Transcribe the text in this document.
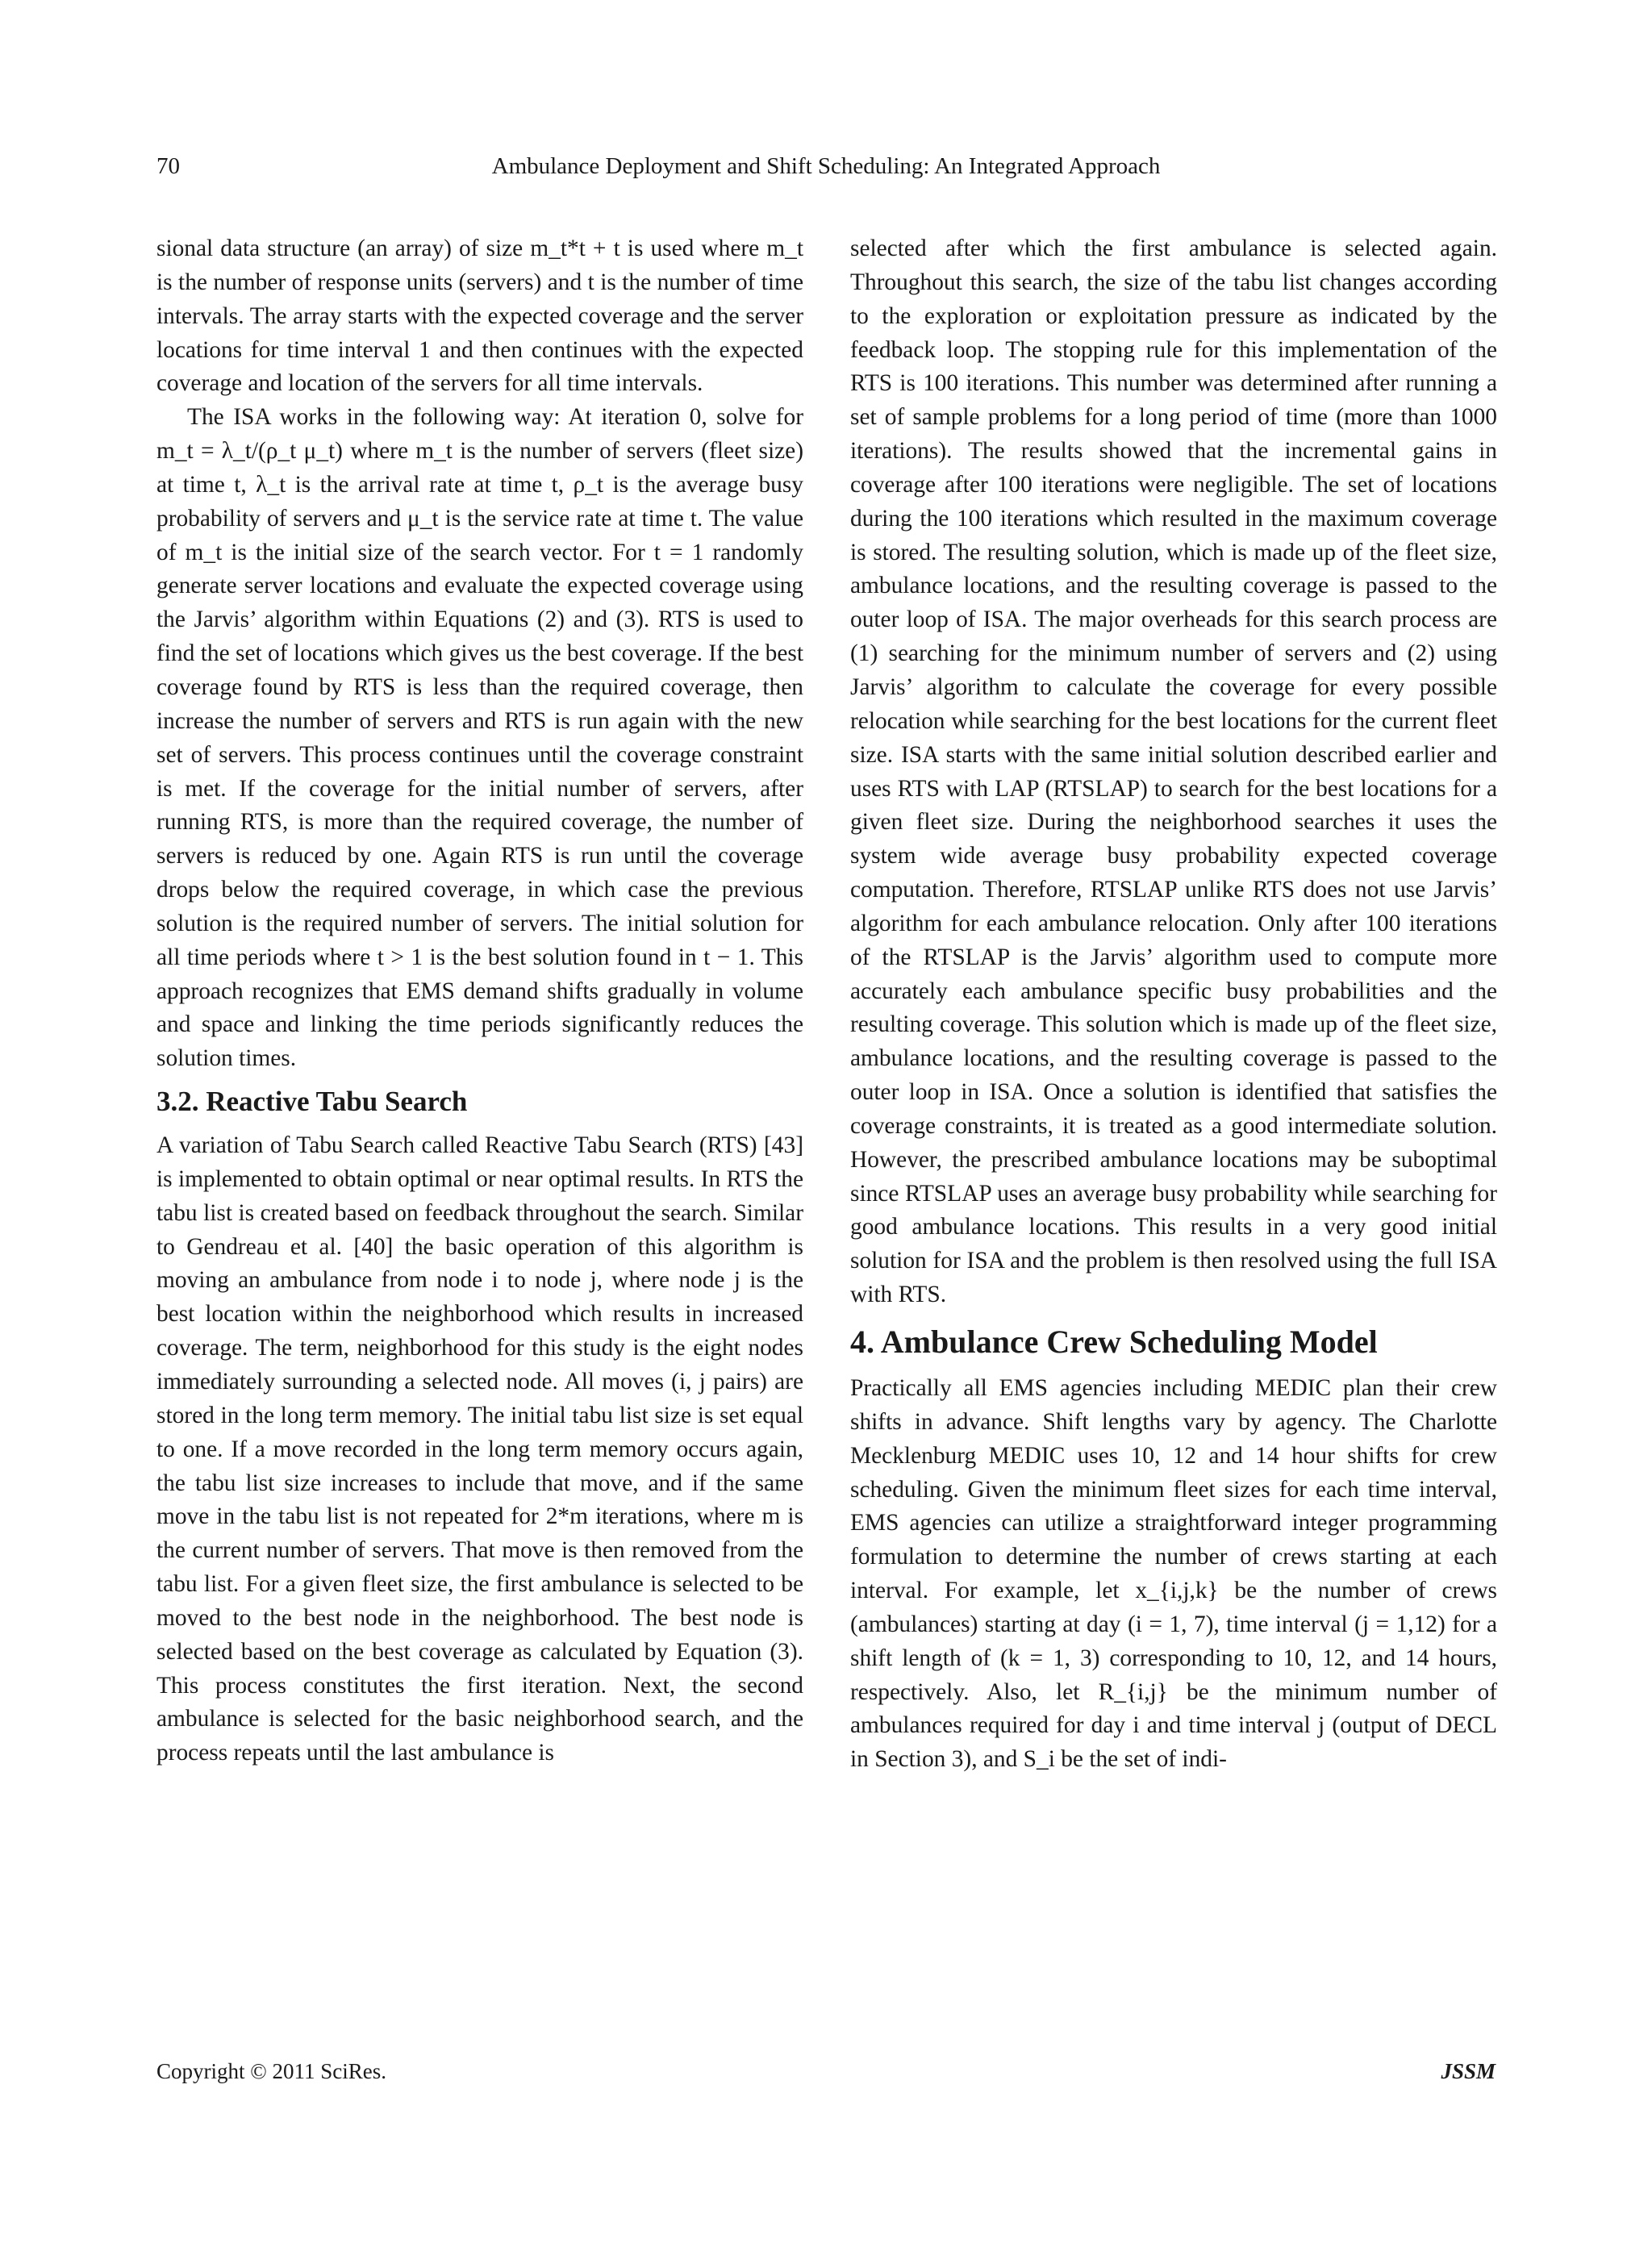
70	Ambulance Deployment and Shift Scheduling: An Integrated Approach

sional data structure (an array) of size m_t*t + t is used where m_t is the number of response units (servers) and t is the number of time intervals. The array starts with the expected coverage and the server locations for time interval 1 and then continues with the expected coverage and location of the servers for all time intervals.

The ISA works in the following way: At iteration 0, solve for m_t = λ_t/(ρ_t μ_t) where m_t is the number of servers (fleet size) at time t, λ_t is the arrival rate at time t, ρ_t is the average busy probability of servers and μ_t is the service rate at time t. The value of m_t is the initial size of the search vector. For t = 1 randomly generate server locations and evaluate the expected coverage using the Jarvis’ algorithm within Equations (2) and (3). RTS is used to find the set of locations which gives us the best coverage. If the best coverage found by RTS is less than the required coverage, then increase the number of servers and RTS is run again with the new set of servers. This process continues until the coverage constraint is met. If the coverage for the initial number of servers, after running RTS, is more than the required coverage, the number of servers is reduced by one. Again RTS is run until the coverage drops below the required coverage, in which case the previous solution is the required number of servers. The initial solution for all time periods where t > 1 is the best solution found in t − 1. This approach recognizes that EMS demand shifts gradually in volume and space and linking the time periods significantly reduces the solution times.

3.2. Reactive Tabu Search

A variation of Tabu Search called Reactive Tabu Search (RTS) [43] is implemented to obtain optimal or near optimal results. In RTS the tabu list is created based on feedback throughout the search. Similar to Gendreau et al. [40] the basic operation of this algorithm is moving an ambulance from node i to node j, where node j is the best location within the neighborhood which results in increased coverage. The term, neighborhood for this study is the eight nodes immediately surrounding a selected node. All moves (i, j pairs) are stored in the long term memory. The initial tabu list size is set equal to one. If a move recorded in the long term memory occurs again, the tabu list size increases to include that move, and if the same move in the tabu list is not repeated for 2*m iterations, where m is the current number of servers. That move is then removed from the tabu list. For a given fleet size, the first ambulance is selected to be moved to the best node in the neighborhood. The best node is selected based on the best coverage as calculated by Equation (3). This process constitutes the first iteration. Next, the second ambulance is selected for the basic neighborhood search, and the process repeats until the last ambulance is

selected after which the first ambulance is selected again. Throughout this search, the size of the tabu list changes according to the exploration or exploitation pressure as indicated by the feedback loop. The stopping rule for this implementation of the RTS is 100 iterations. This number was determined after running a set of sample problems for a long period of time (more than 1000 iterations). The results showed that the incremental gains in coverage after 100 iterations were negligible. The set of locations during the 100 iterations which resulted in the maximum coverage is stored. The resulting solution, which is made up of the fleet size, ambulance locations, and the resulting coverage is passed to the outer loop of ISA. The major overheads for this search process are (1) searching for the minimum number of servers and (2) using Jarvis’ algorithm to calculate the coverage for every possible relocation while searching for the best locations for the current fleet size. ISA starts with the same initial solution described earlier and uses RTS with LAP (RTSLAP) to search for the best locations for a given fleet size. During the neighborhood searches it uses the system wide average busy probability expected coverage computation. Therefore, RTSLAP unlike RTS does not use Jarvis’ algorithm for each ambulance relocation. Only after 100 iterations of the RTSLAP is the Jarvis’ algorithm used to compute more accurately each ambulance specific busy probabilities and the resulting coverage. This solution which is made up of the fleet size, ambulance locations, and the resulting coverage is passed to the outer loop in ISA. Once a solution is identified that satisfies the coverage constraints, it is treated as a good intermediate solution. However, the prescribed ambulance locations may be suboptimal since RTSLAP uses an average busy probability while searching for good ambulance locations. This results in a very good initial solution for ISA and the problem is then resolved using the full ISA with RTS.

4. Ambulance Crew Scheduling Model

Practically all EMS agencies including MEDIC plan their crew shifts in advance. Shift lengths vary by agency. The Charlotte Mecklenburg MEDIC uses 10, 12 and 14 hour shifts for crew scheduling. Given the minimum fleet sizes for each time interval, EMS agencies can utilize a straightforward integer programming formulation to determine the number of crews starting at each interval. For example, let x_{i,j,k} be the number of crews (ambulances) starting at day (i = 1, 7), time interval (j = 1,12) for a shift length of (k = 1, 3) corresponding to 10, 12, and 14 hours, respectively. Also, let R_{i,j} be the minimum number of ambulances required for day i and time interval j (output of DECL in Section 3), and S_i be the set of indi-

Copyright © 2011 SciRes.	JSSM
